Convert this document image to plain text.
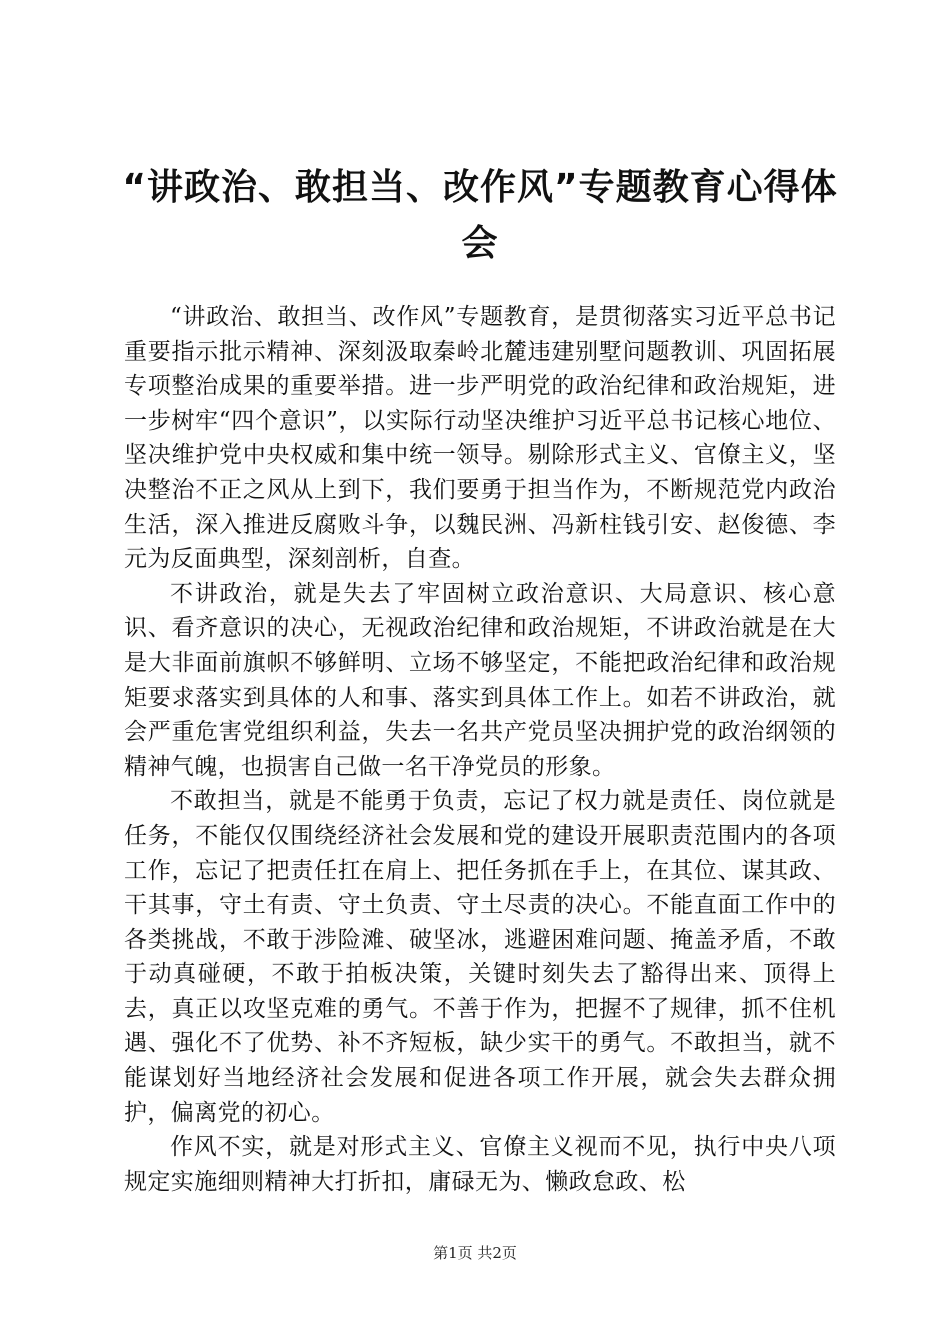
“讲政治、敢担当、改作风”专题教育心得体会

“讲政治、敢担当、改作风”专题教育，是贯彻落实习近平总书记重要指示批示精神、深刻汲取秦岭北麓违建别墅问题教训、巩固拓展专项整治成果的重要举措。进一步严明党的政治纪律和政治规矩，进一步树牢“四个意识”，以实际行动坚决维护习近平总书记核心地位、坚决维护党中央权威和集中统一领导。剔除形式主义、官僚主义，坚决整治不正之风从上到下，我们要勇于担当作为，不断规范党内政治生活，深入推进反腐败斗争，以魏民洲、冯新柱钱引安、赵俊德、李元为反面典型，深刻剖析，自查。

不讲政治，就是失去了牢固树立政治意识、大局意识、核心意识、看齐意识的决心，无视政治纪律和政治规矩，不讲政治就是在大是大非面前旗帜不够鲜明、立场不够坚定，不能把政治纪律和政治规矩要求落实到具体的人和事、落实到具体工作上。如若不讲政治，就会严重危害党组织利益，失去一名共产党员坚决拥护党的政治纲领的精神气魄，也损害自己做一名干净党员的形象。

不敢担当，就是不能勇于负责，忘记了权力就是责任、岗位就是任务，不能仅仅围绕经济社会发展和党的建设开展职责范围内的各项工作，忘记了把责任扛在肩上、把任务抓在手上，在其位、谋其政、干其事，守土有责、守土负责、守土尽责的决心。不能直面工作中的各类挑战，不敢于涉险滩、破坚冰，逃避困难问题、掩盖矛盾，不敢于动真碰硬，不敢于拍板决策，关键时刻失去了豁得出来、顶得上去，真正以攻坚克难的勇气。不善于作为，把握不了规律，抓不住机遇、强化不了优势、补不齐短板，缺少实干的勇气。不敢担当，就不能谋划好当地经济社会发展和促进各项工作开展，就会失去群众拥护，偏离党的初心。

作风不实，就是对形式主义、官僚主义视而不见，执行中央八项规定实施细则精神大打折扣，庸碌无为、懒政怠政、松

第1页 共2页
